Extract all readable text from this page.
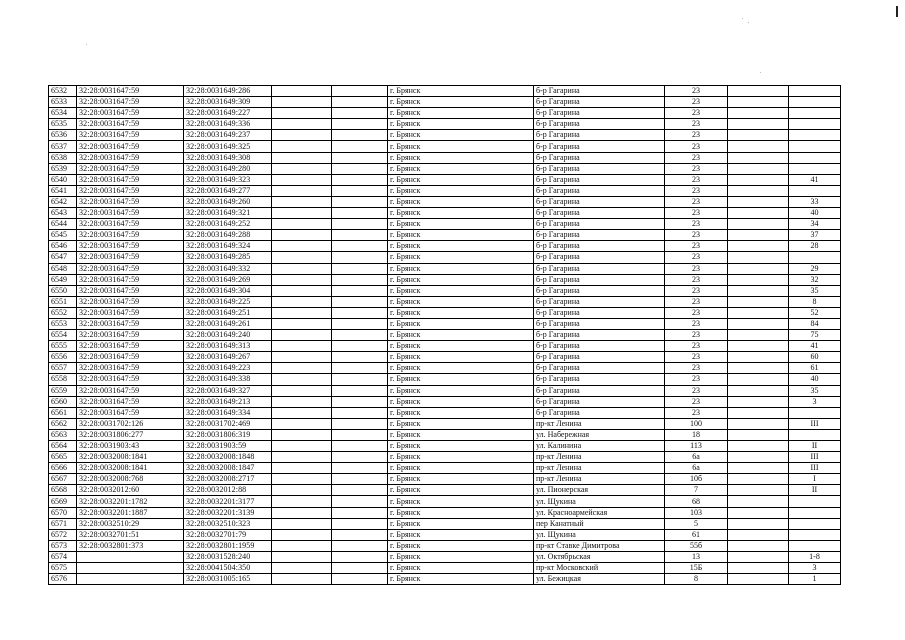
6532	32:28:0031647:59	32:28:0031649:286			г. Брянск	б-р Гагарина	23		
6533	32:28:0031647:59	32:28:0031649:309			г. Брянск	б-р Гагарина	23		
6534	32:28:0031647:59	32:28:0031649:227			г. Брянск	б-р Гагарина	23		
6535	32:28:0031647:59	32:28:0031649:336			г. Брянск	б-р Гагарина	23		
6536	32:28:0031647:59	32:28:0031649:237			г. Брянск	б-р Гагарина	23		
6537	32:28:0031647:59	32:28:0031649:325			г. Брянск	б-р Гагарина	23		
6538	32:28:0031647:59	32:28:0031649:308			г. Брянск	б-р Гагарина	23		
6539	32:28:0031647:59	32:28:0031649:280			г. Брянск	б-р Гагарина	23		
6540	32:28:0031647:59	32:28:0031649:323			г. Брянск	б-р Гагарина	23		41
6541	32:28:0031647:59	32:28:0031649:277			г. Брянск	б-р Гагарина	23		
6542	32:28:0031647:59	32:28:0031649:260			г. Брянск	б-р Гагарина	23		33
6543	32:28:0031647:59	32:28:0031649:321			г. Брянск	б-р Гагарина	23		40
6544	32:28:0031647:59	32:28:0031649:252			г. Брянск	б-р Гагарина	23		34
6545	32:28:0031647:59	32:28:0031649:288			г. Брянск	б-р Гагарина	23		37
6546	32:28:0031647:59	32:28:0031649:324			г. Брянск	б-р Гагарина	23		28
6547	32:28:0031647:59	32:28:0031649:285			г. Брянск	б-р Гагарина	23		
6548	32:28:0031647:59	32:28:0031649:332			г. Брянск	б-р Гагарина	23		29
6549	32:28:0031647:59	32:28:0031649:269			г. Брянск	б-р Гагарина	23		32
6550	32:28:0031647:59	32:28:0031649:304			г. Брянск	б-р Гагарина	23		35
6551	32:28:0031647:59	32:28:0031649:225			г. Брянск	б-р Гагарина	23		8
6552	32:28:0031647:59	32:28:0031649:251			г. Брянск	б-р Гагарина	23		52
6553	32:28:0031647:59	32:28:0031649:261			г. Брянск	б-р Гагарина	23		84
6554	32:28:0031647:59	32:28:0031649:240			г. Брянск	б-р Гагарина	23		75
6555	32:28:0031647:59	32:28:0031649:313			г. Брянск	б-р Гагарина	23		41
6556	32:28:0031647:59	32:28:0031649:267			г. Брянск	б-р Гагарина	23		60
6557	32:28:0031647:59	32:28:0031649:223			г. Брянск	б-р Гагарина	23		61
6558	32:28:0031647:59	32:28:0031649:338			г. Брянск	б-р Гагарина	23		40
6559	32:28:0031647:59	32:28:0031649:327			г. Брянск	б-р Гагарина	23		35
6560	32:28:0031647:59	32:28:0031649:213			г. Брянск	б-р Гагарина	23		3
6561	32:28:0031647:59	32:28:0031649:334			г. Брянск	б-р Гагарина	23		
6562	32:28:0031702:126	32:28:0031702:469			г. Брянск	пр-кт Ленина	100		III
6563	32:28:0031806:277	32:28:0031806:319			г. Брянск	ул. Набережная	18		
6564	32:28:0031903:43	32:28:0031903:59			г. Брянск	ул. Калинина	113		II
6565	32:28:0032008:1841	32:28:0032008:1848			г. Брянск	пр-кт Ленина	6а		III
6566	32:28:0032008:1841	32:28:0032008:1847			г. Брянск	пр-кт Ленина	6а		III
6567	32:28:0032008:768	32:28:0032008:2717			г. Брянск	пр-кт Ленина	10б		I
6568	32:28:0032012:60	32:28:0032012:88			г. Брянск	ул. Пионерская	7		II
6569	32:28:0032201:1782	32:28:0032201:3177			г. Брянск	ул. Щукина	68		
6570	32:28:0032201:1887	32:28:0032201:3139			г. Брянск	ул. Красноармейская	103		
6571	32:28:0032510:29	32:28:0032510:323			г. Брянск	пер Канатный	5		
6572	32:28:0032701:51	32:28:0032701:79			г. Брянск	ул. Щукина	61		
6573	32:28:0032801:373	32:28:0032801:1959			г. Брянск	пр-кт Ставке Димитрова	55б		
6574		32:28:0031528:240			г. Брянск	ул. Октябрьская	13		1-8
6575		32:28:0041504:350			г. Брянск	пр-кт Московский	15Б		3
6576		32:28:0031005:165			г. Брянск	ул. Бежицкая	8		1
